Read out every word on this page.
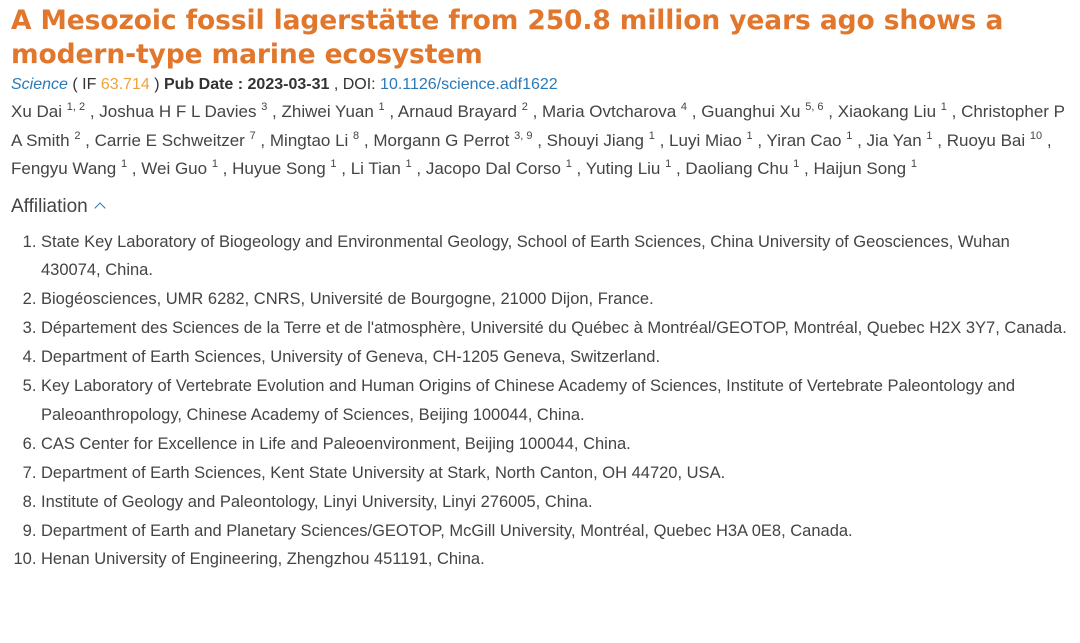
A Mesozoic fossil lagerstätte from 250.8 million years ago shows a modern-type marine ecosystem
Science ( IF 63.714 ) Pub Date : 2023-03-31 , DOI: 10.1126/science.adf1622
Xu Dai $^{1, 2}$ , Joshua H F L Davies $^3$ , Zhiwei Yuan $^1$ , Arnaud Brayard $^2$ , Maria Ovtcharova $^4$ , Guanghui Xu $^{5, 6}$ , Xiaokang Liu $^1$ , Christopher P A Smith $^2$ , Carrie E Schweitzer $^7$ , Mingtao Li $^8$ , Morgann G Perrot $^{3, 9}$ , Shouyi Jiang $^1$ , Luyi Miao $^1$ , Yiran Cao $^1$ , Jia Yan $^1$ , Ruoyu Bai $^{10}$ , Fengyu Wang $^1$ , Wei Guo $^1$ , Huyue Song $^1$ , Li Tian $^1$ , Jacopo Dal Corso $^1$ , Yuting Liu $^1$ , Daoliang Chu $^1$ , Haijun Song $^1$
Affiliation
1. State Key Laboratory of Biogeology and Environmental Geology, School of Earth Sciences, China University of Geosciences, Wuhan 430074, China.
2. Biogéosciences, UMR 6282, CNRS, Université de Bourgogne, 21000 Dijon, France.
3. Département des Sciences de la Terre et de l'atmosphère, Université du Québec à Montréal/GEOTOP, Montréal, Quebec H2X 3Y7, Canada.
4. Department of Earth Sciences, University of Geneva, CH-1205 Geneva, Switzerland.
5. Key Laboratory of Vertebrate Evolution and Human Origins of Chinese Academy of Sciences, Institute of Vertebrate Paleontology and Paleoanthropology, Chinese Academy of Sciences, Beijing 100044, China.
6. CAS Center for Excellence in Life and Paleoenvironment, Beijing 100044, China.
7. Department of Earth Sciences, Kent State University at Stark, North Canton, OH 44720, USA.
8. Institute of Geology and Paleontology, Linyi University, Linyi 276005, China.
9. Department of Earth and Planetary Sciences/GEOTOP, McGill University, Montréal, Quebec H3A 0E8, Canada.
10. Henan University of Engineering, Zhengzhou 451191, China.
